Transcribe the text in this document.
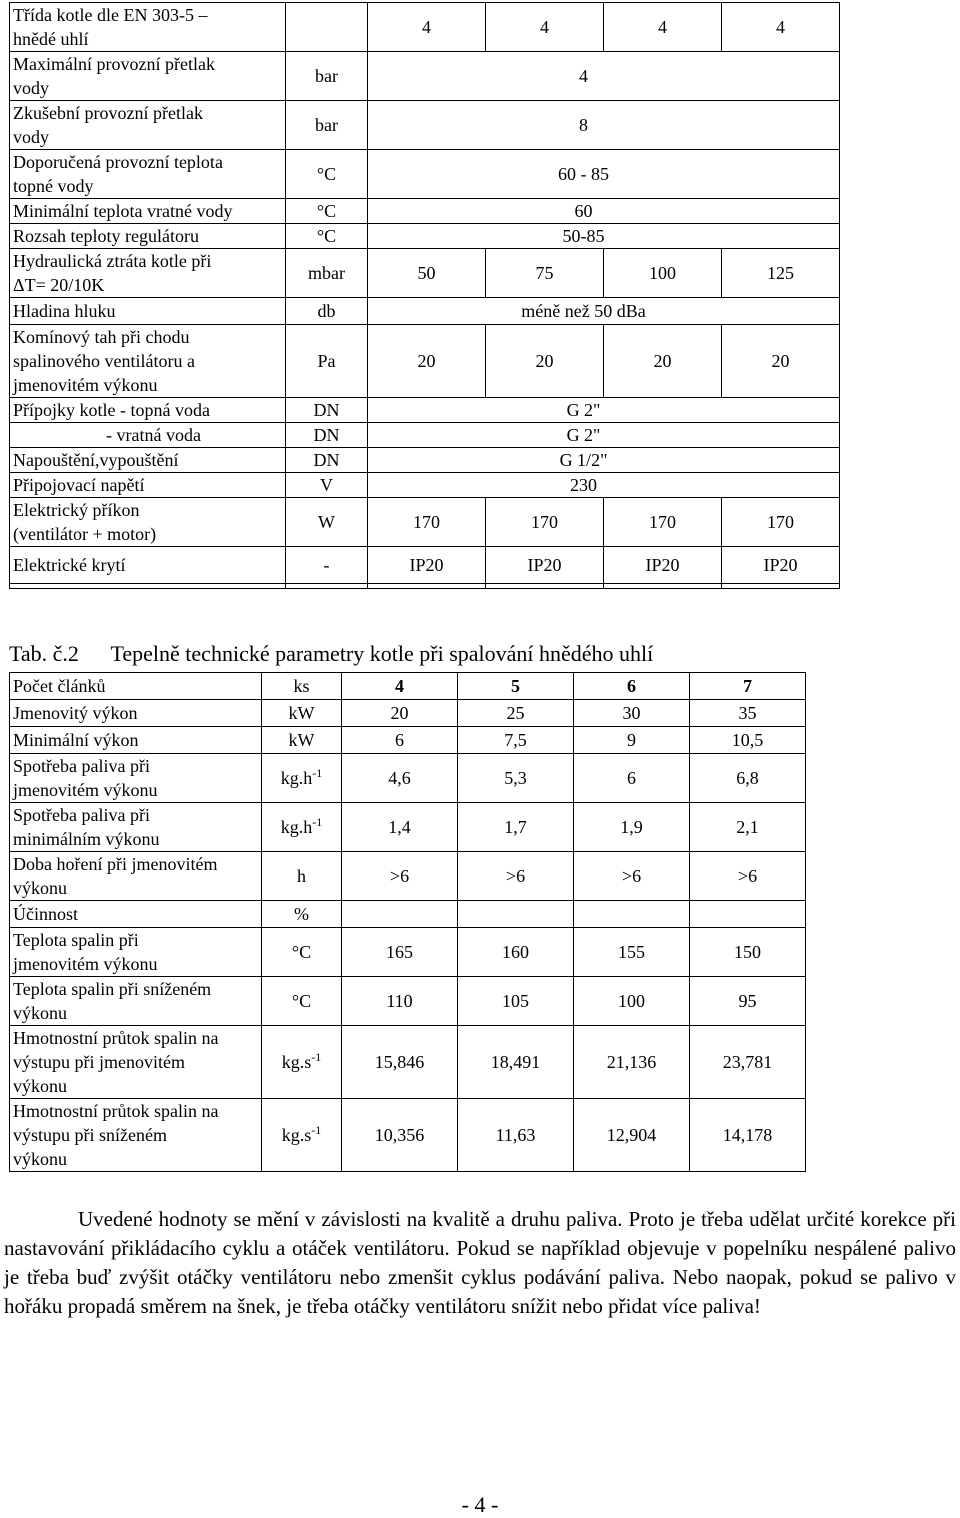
Třída kotle dle EN 303-5 –
hnědé uhlí		4	4	4	4
Maximální provozní přetlak
vody	bar	4			
Zkušební provozní přetlak
vody	bar	8			
Doporučená provozní teplota
topné vody	°C	60 - 85			
Minimální teplota vratné vody	°C	60			
Rozsah teploty regulátoru	°C	50-85			
Hydraulická ztráta kotle při
ΔT= 20/10K	mbar	50	75	100	125
Hladina hluku	db	méně než 50 dBa			
Komínový tah při chodu
spalinového ventilátoru a
jmenovitém výkonu	Pa	20	20	20	20
Přípojky kotle - topná voda	DN	G 2"			
- vratná voda	DN	G 2"			
Napouštění,vypouštění	DN	G 1/2"			
Připojovací napětí	V	230			
Elektrický příkon
(ventilátor + motor)	W	170	170	170	170
Elektrické krytí	-	IP20	IP20	IP20	IP20

Tab. č.2 Tepelně technické parametry kotle při spalování hnědého uhlí
Počet článků	ks	4	5	6	7
Jmenovitý výkon	kW	20	25	30	35
Minimální výkon	kW	6	7,5	9	10,5
Spotřeba paliva při
jmenovitém výkonu	$kg.h^{-1}$	4,6	5,3	6	6,8
Spotřeba paliva při
minimálním výkonu	$kg.h^{-1}$	1,4	1,7	1,9	2,1
Doba hoření při jmenovitém
výkonu	h	>6	>6	>6	>6
Účinnost	%				
Teplota spalin při
jmenovitém výkonu	°C	165	160	155	150
Teplota spalin při sníženém
výkonu	°C	110	105	100	95
Hmotnostní průtok spalin na
výstupu při jmenovitém
výkonu	$kg.s^{-1}$	15,846	18,491	21,136	23,781
Hmotnostní průtok spalin na
výstupu při sníženém
výkonu	$kg.s^{-1}$	10,356	11,63	12,904	14,178

Uvedené hodnoty se mění v závislosti na kvalitě a druhu paliva. Proto je třeba udělat určité korekce při nastavování přikládacího cyklu a otáček ventilátoru. Pokud se například objevuje v popelníku nespálené palivo je třeba buď zvýšit otáčky ventilátoru nebo zmenšit cyklus podávání paliva. Nebo naopak, pokud se palivo v hořáku propadá směrem na šnek, je třeba otáčky ventilátoru snížit nebo přidat více paliva!

- 4 -
